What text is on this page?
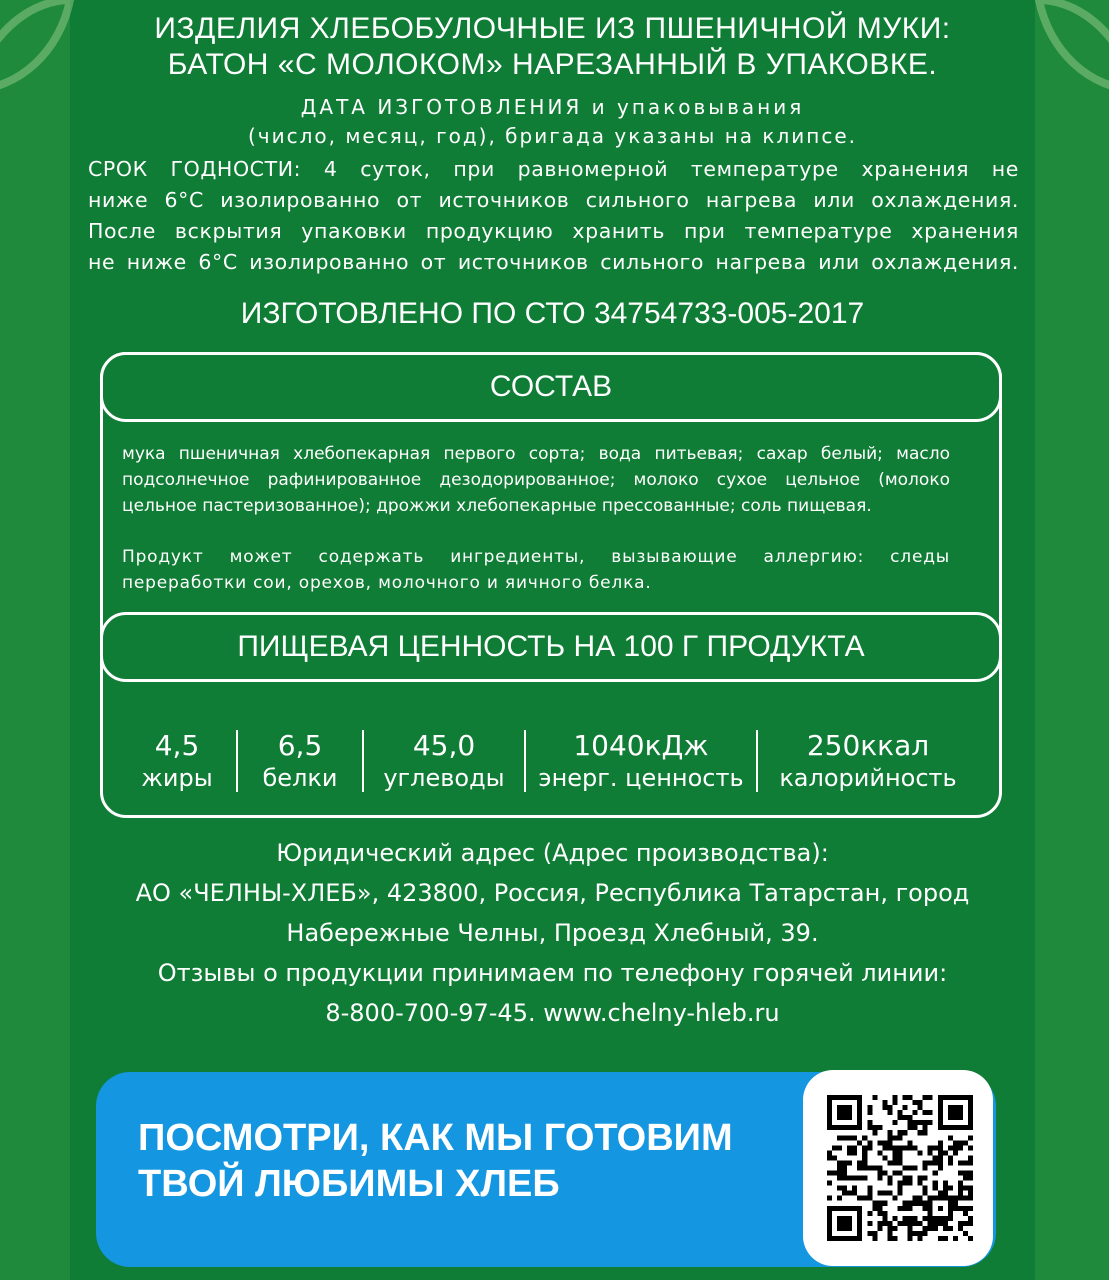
ИЗДЕЛИЯ ХЛЕБОБУЛОЧНЫЕ ИЗ ПШЕНИЧНОЙ МУКИ:
БАТОН «С МОЛОКОМ» НАРЕЗАННЫЙ В УПАКОВКЕ.
ДАТА ИЗГОТОВЛЕНИЯ и упаковывания
(число, месяц, год), бригада указаны на клипсе.
СРОК ГОДНОСТИ: 4 суток, при равномерной температуре хранения не
ниже 6°С изолированно от источников сильного нагрева или охлаждения.
После вскрытия упаковки продукцию хранить при температуре хранения
не ниже 6°С изолированно от источников сильного нагрева или охлаждения.
ИЗГОТОВЛЕНО ПО СТО 34754733-005-2017
СОСТАВ
мука пшеничная хлебопекарная первого сорта; вода питьевая; сахар белый; масло
подсолнечное рафинированное дезодорированное; молоко сухое цельное (молоко
цельное пастеризованное); дрожжи хлебопекарные прессованные; соль пищевая.
Продукт может содержать ингредиенты, вызывающие аллергию: следы
переработки сои, орехов, молочного и яичного белка.
ПИЩЕВАЯ ЦЕННОСТЬ НА 100 Г ПРОДУКТА
4,5
жиры
6,5
белки
45,0
углеводы
1040кДж
энерг. ценность
250ккал
калорийность
Юридический адрес (Адрес производства):
АО «ЧЕЛНЫ-ХЛЕБ», 423800, Россия, Республика Татарстан, город
Набережные Челны, Проезд Хлебный, 39.
Отзывы о продукции принимаем по телефону горячей линии:
8-800-700-97-45. www.chelny-hleb.ru
ПОСМОТРИ, КАК МЫ ГОТОВИМ
ТВОЙ ЛЮБИМЫ ХЛЕБ
